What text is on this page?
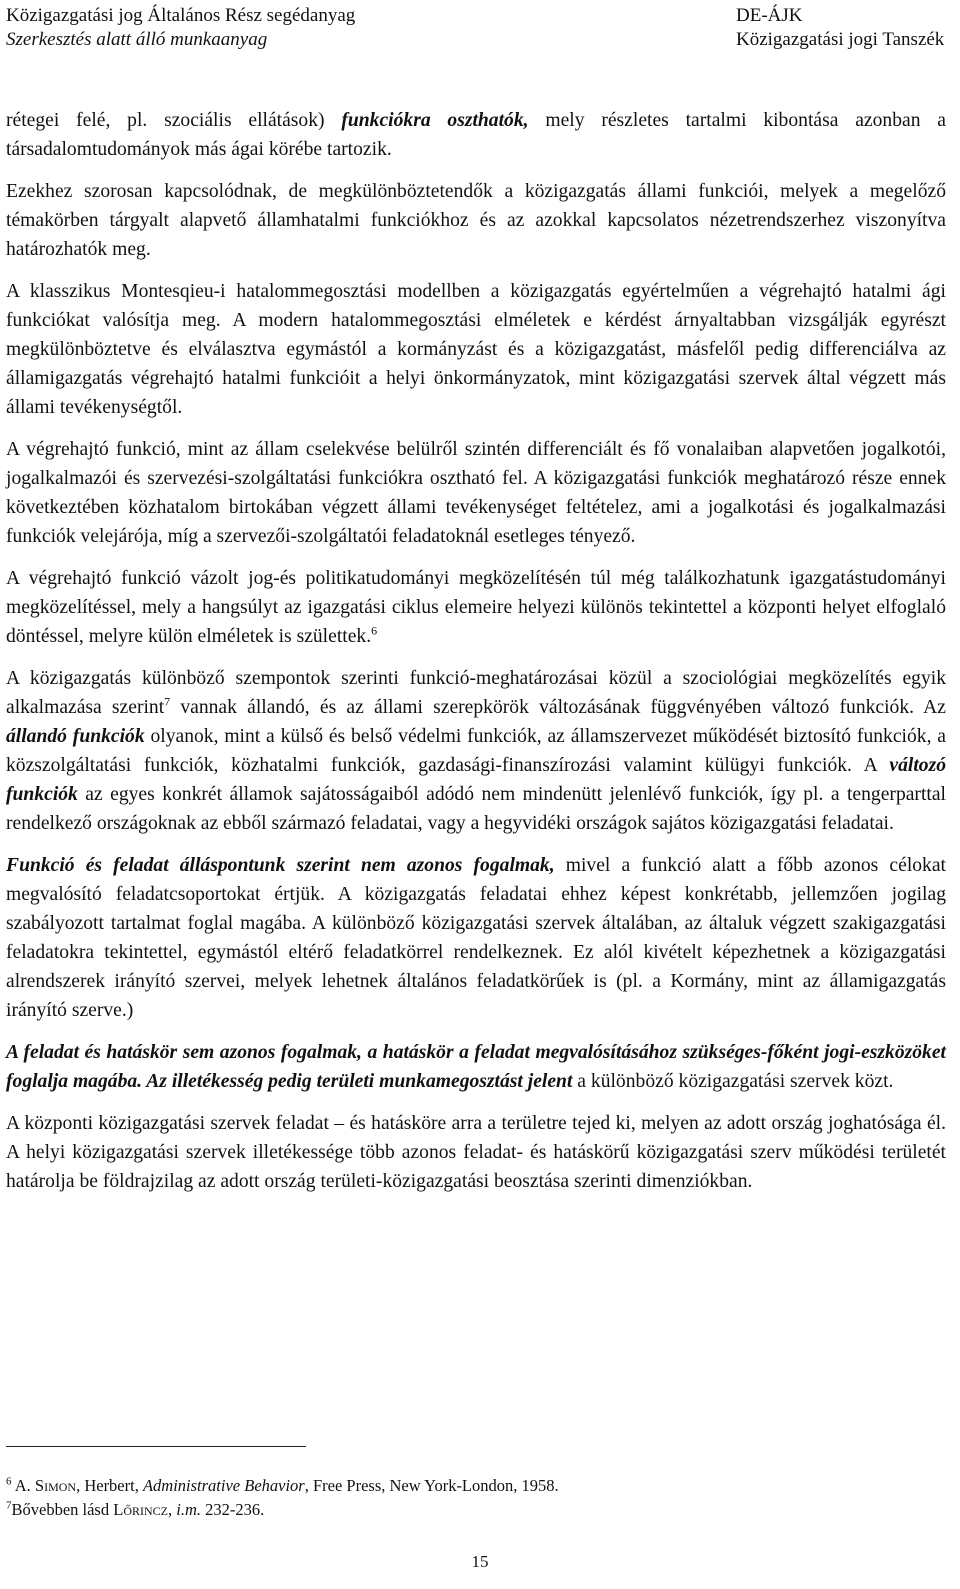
Közigazgatási jog Általános Rész segédanyag	DE-ÁJK
Szerkesztés alatt álló munkaanyag	Közigazgatási jogi Tanszék

rétegei felé, pl. szociális ellátások) funkciókra oszthatók, mely részletes tartalmi kibontása azonban a társadalomtudományok más ágai körébe tartozik.

Ezekhez szorosan kapcsolódnak, de megkülönböztetendők a közigazgatás állami funkciói, melyek a megelőző témakörben tárgyalt alapvető államhatalmi funkciókhoz és az azokkal kapcsolatos nézetrendszerhez viszonyítva határozhatók meg.

A klasszikus Montesqieu-i hatalommegosztási modellben a közigazgatás egyértelműen a végrehajtó hatalmi ági funkciókat valósítja meg. A modern hatalommegosztási elméletek e kérdést árnyaltabban vizsgálják egyrészt megkülönböztetve és elválasztva egymástól a kormányzást és a közigazgatást, másfelől pedig differenciálva az államigazgatás végrehajtó hatalmi funkcióit a helyi önkormányzatok, mint közigazgatási szervek által végzett más állami tevékenységtől.

A végrehajtó funkció, mint az állam cselekvése belülről szintén differenciált és fő vonalaiban alapvetően jogalkotói, jogalkalmazói és szervezési-szolgáltatási funkciókra osztható fel. A közigazgatási funkciók meghatározó része ennek következtében közhatalom birtokában végzett állami tevékenységet feltételez, ami a jogalkotási és jogalkalmazási funkciók velejárója, míg a szervezői-szolgáltatói feladatoknál esetleges tényező.

A végrehajtó funkció vázolt jog-és politikatudományi megközelítésén túl még találkozhatunk igazgatástudományi megközelítéssel, mely a hangsúlyt az igazgatási ciklus elemeire helyezi különös tekintettel a központi helyet elfoglaló döntéssel, melyre külön elméletek is születtek.$^6$

A közigazgatás különböző szempontok szerinti funkció-meghatározásai közül a szociológiai megközelítés egyik alkalmazása szerint$^7$ vannak állandó, és az állami szerepkörök változásának függvényében változó funkciók. Az állandó funkciók olyanok, mint a külső és belső védelmi funkciók, az államszervezet működését biztosító funkciók, a közszolgáltatási funkciók, közhatalmi funkciók, gazdasági-finanszírozási valamint külügyi funkciók. A változó funkciók az egyes konkrét államok sajátosságaiból adódó nem mindenütt jelenlévő funkciók, így pl. a tengerparttal rendelkező országoknak az ebből származó feladatai, vagy a hegyvidéki országok sajátos közigazgatási feladatai.

Funkció és feladat álláspontunk szerint nem azonos fogalmak, mivel a funkció alatt a főbb azonos célokat megvalósító feladatcsoportokat értjük. A közigazgatás feladatai ehhez képest konkrétabb, jellemzően jogilag szabályozott tartalmat foglal magába. A különböző közigazgatási szervek általában, az általuk végzett szakigazgatási feladatokra tekintettel, egymástól eltérő feladatkörrel rendelkeznek. Ez alól kivételt képezhetnek a közigazgatási alrendszerek irányító szervei, melyek lehetnek általános feladatkörűek is (pl. a Kormány, mint az államigazgatás irányító szerve.)

A feladat és hatáskör sem azonos fogalmak, a hatáskör a feladat megvalósításához szükséges-főként jogi-eszközöket foglalja magába. Az illetékesség pedig területi munkamegosztást jelent a különböző közigazgatási szervek közt.

A központi közigazgatási szervek feladat – és hatásköre arra a területre tejed ki, melyen az adott ország joghatósága él. A helyi közigazgatási szervek illetékessége több azonos feladat- és hatáskörű közigazgatási szerv működési területét határolja be földrajzilag az adott ország területi-közigazgatási beosztása szerinti dimenziókban.

$^6$ A. Simon, Herbert, Administrative Behavior, Free Press, New York-London, 1958.
$^7$Bővebben lásd Lőrincz, i.m. 232-236.
15
